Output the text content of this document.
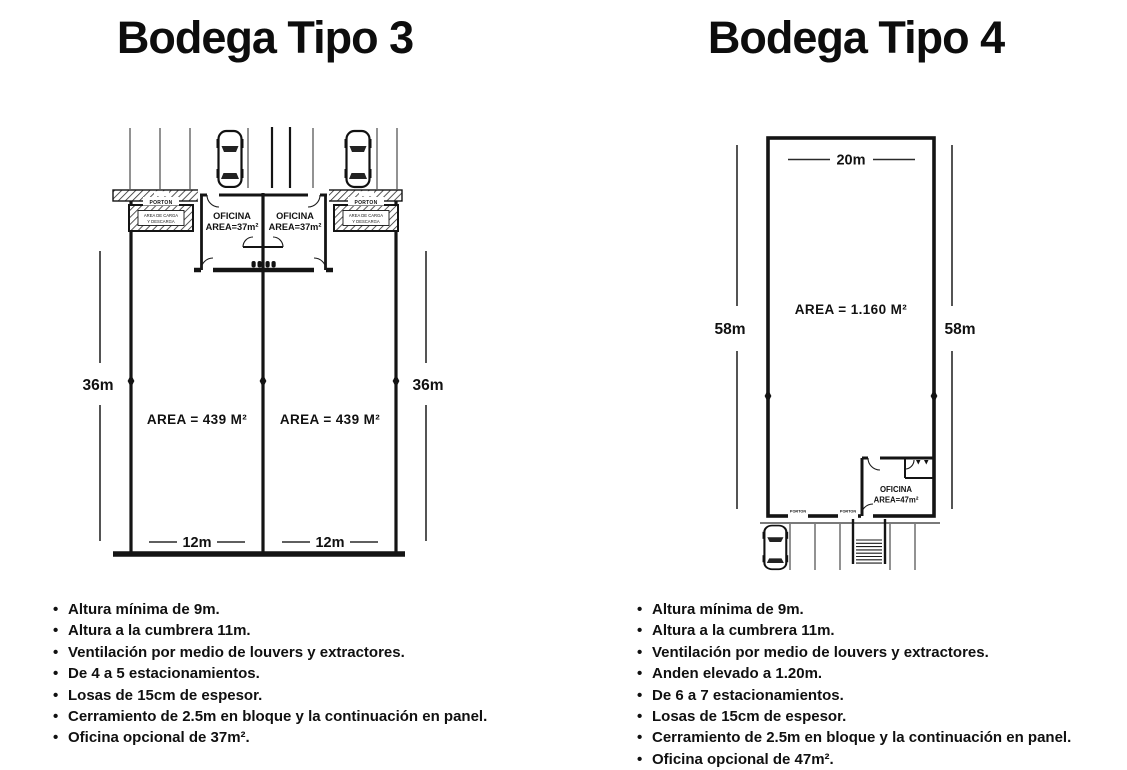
Bodega Tipo 3	Bodega Tipo 4
AREA DE CARGA
Y DESCARGA
AREA DE CARGA
Y DESCARGA
PORTON	PORTON
OFICINA
AREA=37m²
OFICINA
AREA=37m²
AREA = 439 M² AREA = 439 M²
36m	36m
12m	12m
PORTON	PORTON
OFICINA
AREA=47m²
20m
AREA = 1.160 M²
58m	58m
• Altura mínima de 9m.
• Altura a la cumbrera 11m.
• Ventilación por medio de louvers y extractores.
• De 4 a 5 estacionamientos.
• Losas de 15cm de espesor.
• Cerramiento de 2.5m en bloque y la continuación en panel.
• Oficina opcional de 37m².
• Altura mínima de 9m.
• Altura a la cumbrera 11m.
• Ventilación por medio de louvers y extractores.
• Anden elevado a 1.20m.
• De 6 a 7 estacionamientos.
• Losas de 15cm de espesor.
• Cerramiento de 2.5m en bloque y la continuación en panel.
• Oficina opcional de 47m².
